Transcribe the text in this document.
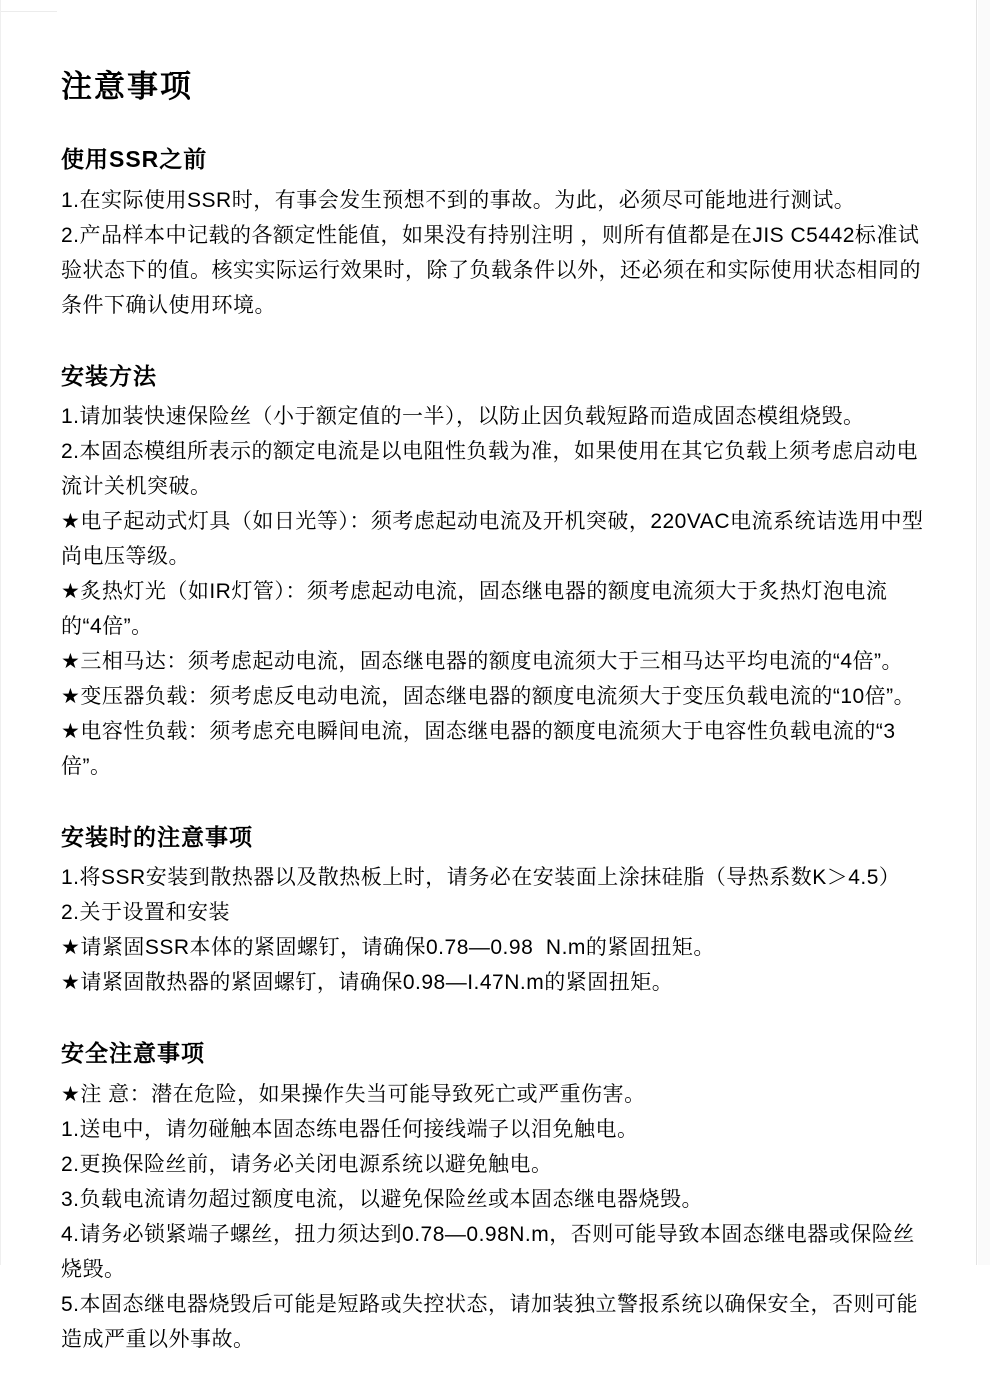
注意事项
使用SSR之前

1.在实际使用SSR时，有事会发生预想不到的事故。为此，必须尽可能地进行测试。

2.产品样本中记载的各额定性能值，如果没有持别注明 ，则所有值都是在JIS C5442标准试验状态下的值。核实实际运行效果时，除了负载条件以外，还必须在和实际使用状态相同的条件下确认使用环境。

安装方法

1.请加装快速保险丝（小于额定值的一半），以防止因负载短路而造成固态模组烧毁。

2.本固态模组所表示的额定电流是以电阻性负载为准，如果使用在其它负载上须考虑启动电流计关机突破。

★电子起动式灯具（如日光等）：须考虑起动电流及开机突破，220VAC电流系统诘选用中型尚电压等级。

★炙热灯光（如IR灯管）：须考虑起动电流，固态继电器的额度电流须大于炙热灯泡电流的“4倍”。

★三相马达：须考虑起动电流，固态继电器的额度电流须大于三相马达平均电流的“4倍”。

★变压器负载：须考虑反电动电流，固态继电器的额度电流须大于变压负载电流的“10倍”。

★电容性负载：须考虑充电瞬间电流，固态继电器的额度电流须大于电容性负载电流的“3倍”。

安装时的注意事项

1.将SSR安装到散热器以及散热板上时，请务必在安装面上涂抹硅脂（导热系数K＞4.5）

2.关于设置和安装

★请紧固SSR本体的紧固螺钉，请确保0.78—0.98  N.m的紧固扭矩。

★请紧固散热器的紧固螺钉，请确保0.98—I.47N.m的紧固扭矩。

安全注意事项

★注 意：潜在危险，如果操作失当可能导致死亡或严重伤害。

1.送电中，请勿碰触本固态练电器任何接线端子以泪免触电。

2.更换保险丝前，请务必关闭电源系统以避免触电。

3.负载电流请勿超过额度电流，以避免保险丝或本固态继电器烧毁。

4.请务必锁紧端子螺丝，扭力须达到0.78—0.98N.m，否则可能导致本固态继电器或保险丝烧毁。

5.本固态继电器烧毁后可能是短路或失控状态，请加装独立警报系统以确保安全，否则可能造成严重以外事故。
